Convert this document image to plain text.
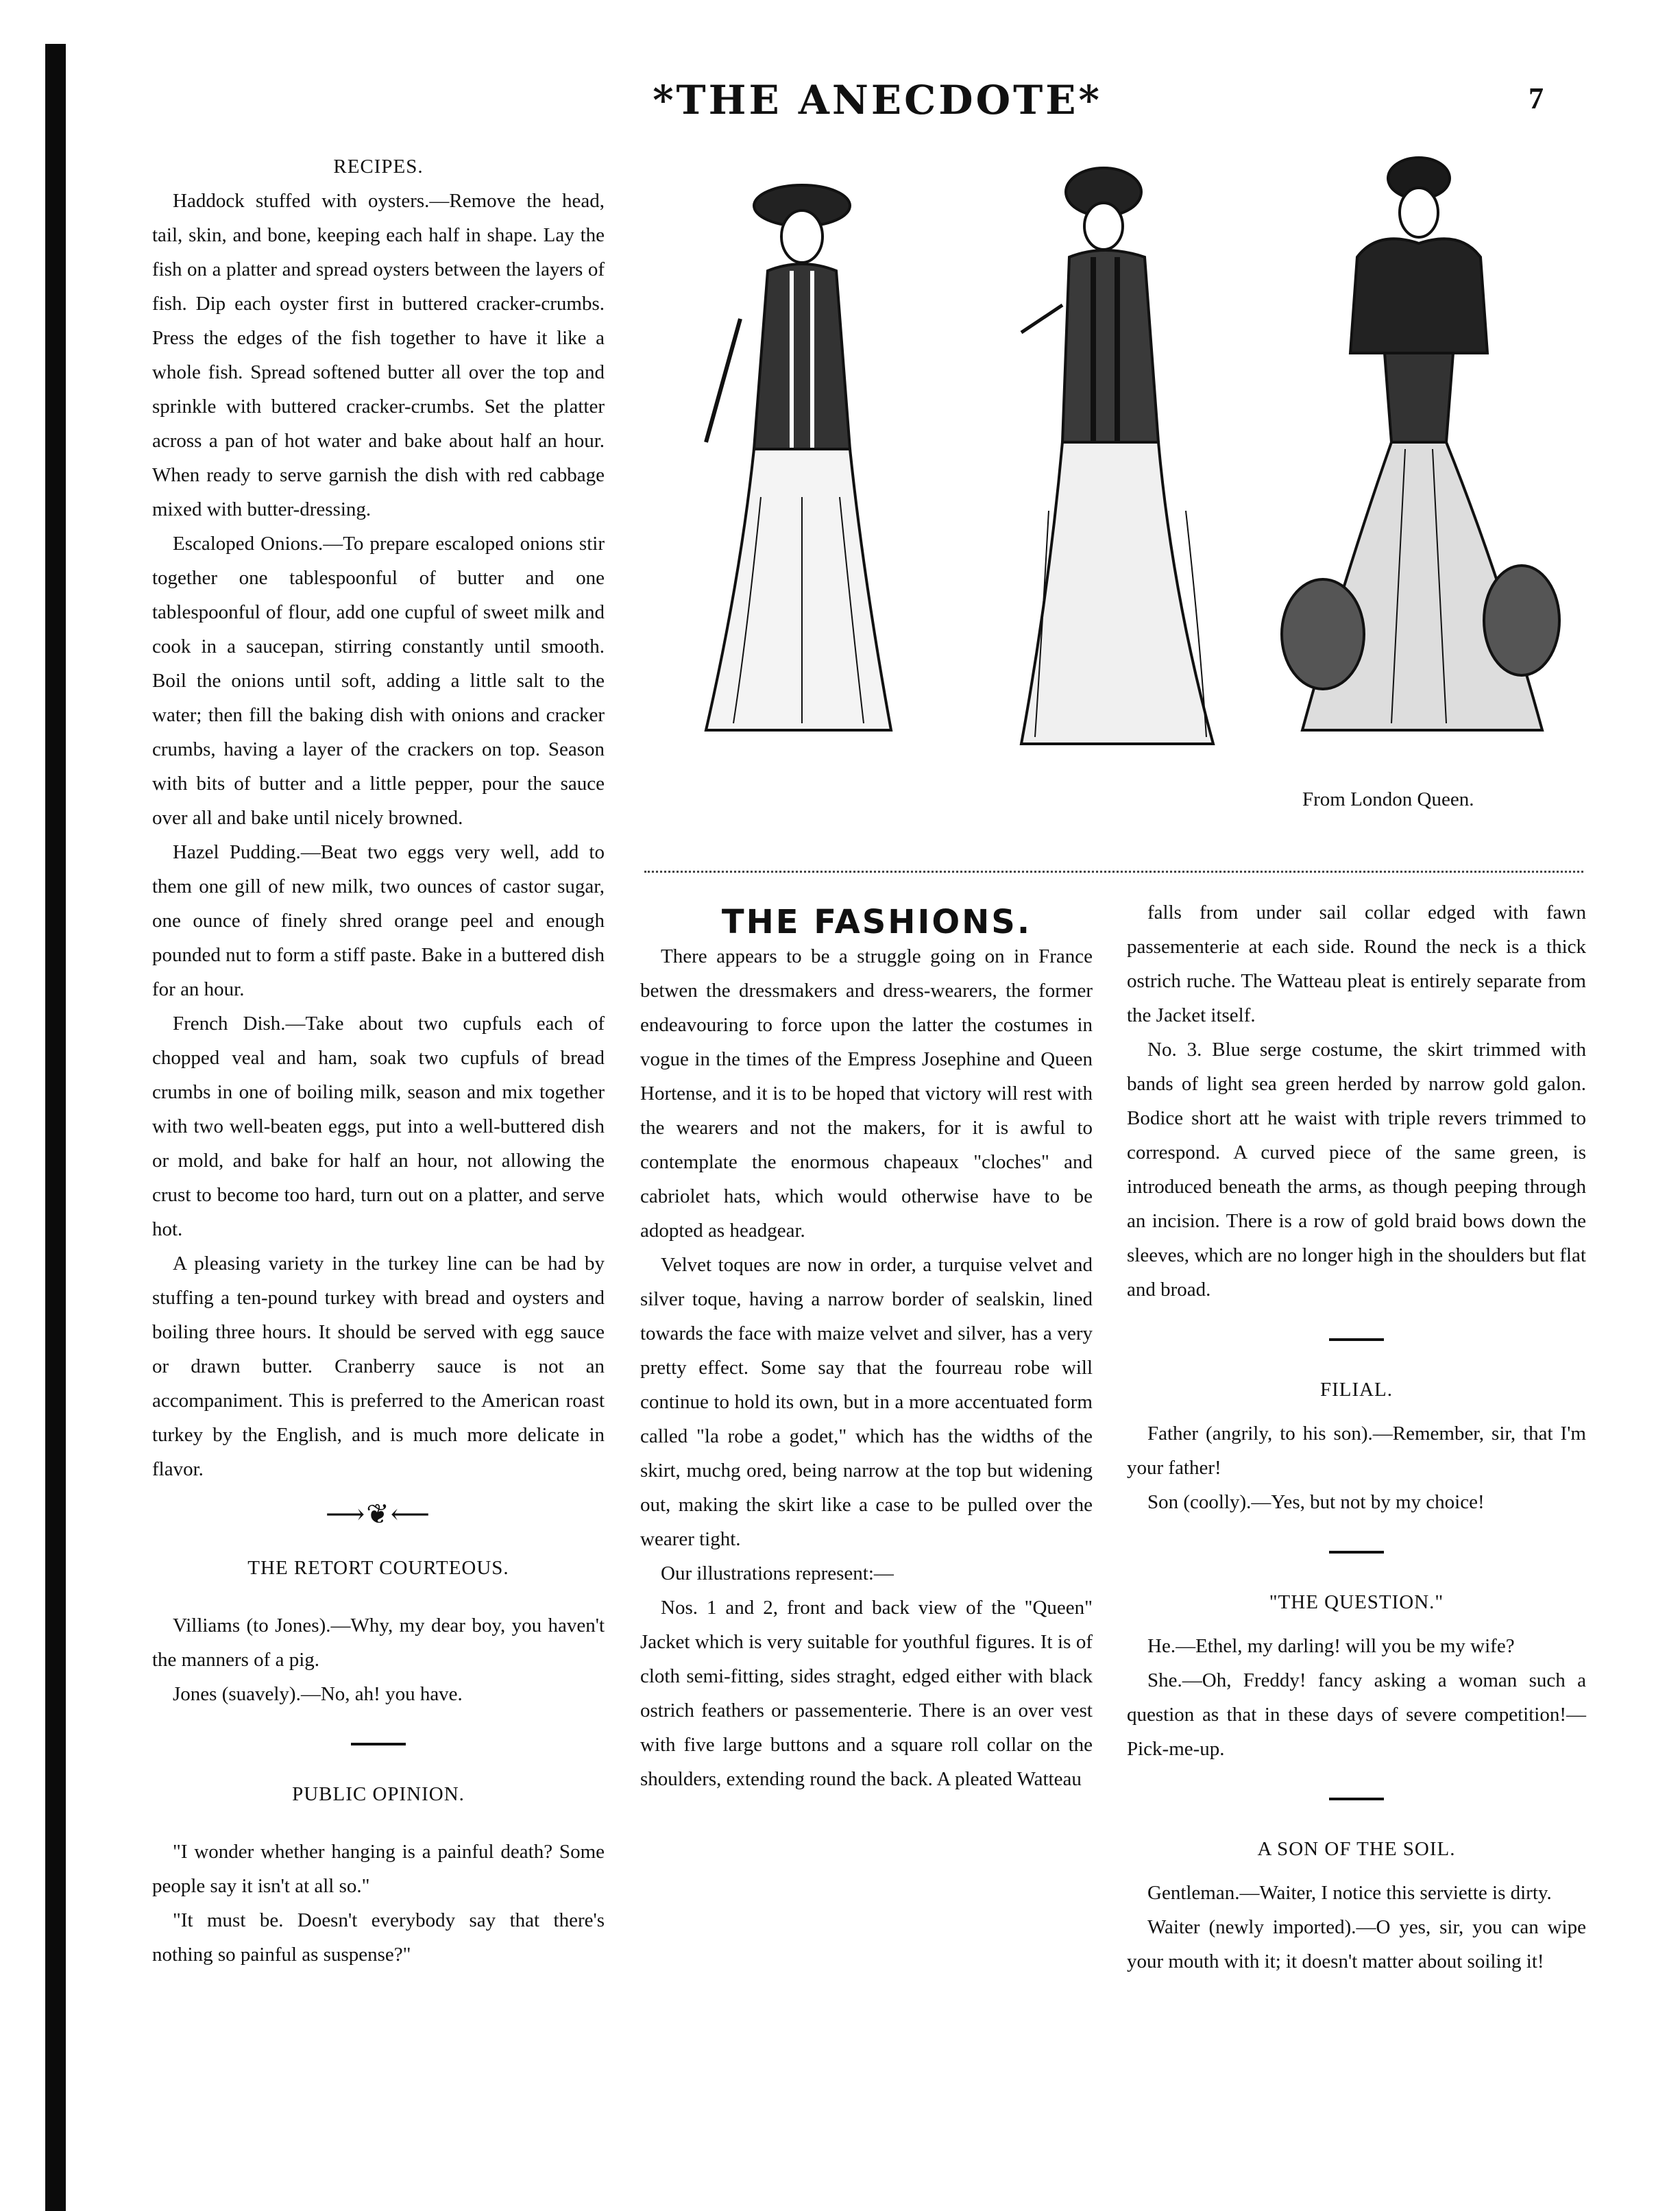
*THE ANECDOTE*	7
From London Queen.

RECIPES.

Haddock stuffed with oysters.—Remove the head, tail, skin, and bone, keeping each half in shape. Lay the fish on a platter and spread oysters between the layers of fish. Dip each oyster first in buttered cracker-crumbs. Press the edges of the fish together to have it like a whole fish. Spread softened butter all over the top and sprinkle with buttered cracker-crumbs. Set the platter across a pan of hot water and bake about half an hour. When ready to serve garnish the dish with red cabbage mixed with butter-dressing.

Escaloped Onions.—To prepare escaloped onions stir together one tablespoonful of butter and one tablespoonful of flour, add one cupful of sweet milk and cook in a saucepan, stirring constantly until smooth. Boil the onions until soft, adding a little salt to the water; then fill the baking dish with onions and cracker crumbs, having a layer of the crackers on top. Season with bits of butter and a little pepper, pour the sauce over all and bake until nicely browned.

Hazel Pudding.—Beat two eggs very well, add to them one gill of new milk, two ounces of castor sugar, one ounce of finely shred orange peel and enough pounded nut to form a stiff paste. Bake in a buttered dish for an hour.

French Dish.—Take about two cupfuls each of chopped veal and ham, soak two cupfuls of bread crumbs in one of boiling milk, season and mix together with two well-beaten eggs, put into a well-buttered dish or mold, and bake for half an hour, not allowing the crust to become too hard, turn out on a platter, and serve hot.

A pleasing variety in the turkey line can be had by stuffing a ten-pound turkey with bread and oysters and boiling three hours. It should be served with egg sauce or drawn butter. Cranberry sauce is not an accompaniment. This is preferred to the American roast turkey by the English, and is much more delicate in flavor.

⟶❦⟵

THE RETORT COURTEOUS.

Villiams (to Jones).—Why, my dear boy, you haven't the manners of a pig.

Jones (suavely).—No, ah! you have.

PUBLIC OPINION.

"I wonder whether hanging is a painful death? Some people say it isn't at all so."

"It must be. Doesn't everybody say that there's nothing so painful as suspense?"

THE FASHIONS.

There appears to be a struggle going on in France betwen the dressmakers and dress-wearers, the former endeavouring to force upon the latter the costumes in vogue in the times of the Empress Josephine and Queen Hortense, and it is to be hoped that victory will rest with the wearers and not the makers, for it is awful to contemplate the enormous chapeaux "cloches" and cabriolet hats, which would otherwise have to be adopted as headgear.

Velvet toques are now in order, a turquise velvet and silver toque, having a narrow border of sealskin, lined towards the face with maize velvet and silver, has a very pretty effect. Some say that the fourreau robe will continue to hold its own, but in a more accentuated form called "la robe a godet," which has the widths of the skirt, muchg ored, being narrow at the top but widening out, making the skirt like a case to be pulled over the wearer tight.

Our illustrations represent:—

Nos. 1 and 2, front and back view of the "Queen" Jacket which is very suitable for youthful figures. It is of cloth semi-fitting, sides straght, edged either with black ostrich feathers or passementerie. There is an over vest with five large buttons and a square roll collar on the shoulders, extending round the back. A pleated Watteau

falls from under sail collar edged with fawn passementerie at each side. Round the neck is a thick ostrich ruche. The Watteau pleat is entirely separate from the Jacket itself.

No. 3. Blue serge costume, the skirt trimmed with bands of light sea green herded by narrow gold galon. Bodice short att he waist with triple revers trimmed to correspond. A curved piece of the same green, is introduced beneath the arms, as though peeping through an incision. There is a row of gold braid bows down the sleeves, which are no longer high in the shoulders but flat and broad.

FILIAL.

Father (angrily, to his son).—Remember, sir, that I'm your father!

Son (coolly).—Yes, but not by my choice!

"THE QUESTION."

He.—Ethel, my darling! will you be my wife?

She.—Oh, Freddy! fancy asking a woman such a question as that in these days of severe competition!—Pick-me-up.

A SON OF THE SOIL.

Gentleman.—Waiter, I notice this serviette is dirty.

Waiter (newly imported).—O yes, sir, you can wipe your mouth with it; it doesn't matter about soiling it!
